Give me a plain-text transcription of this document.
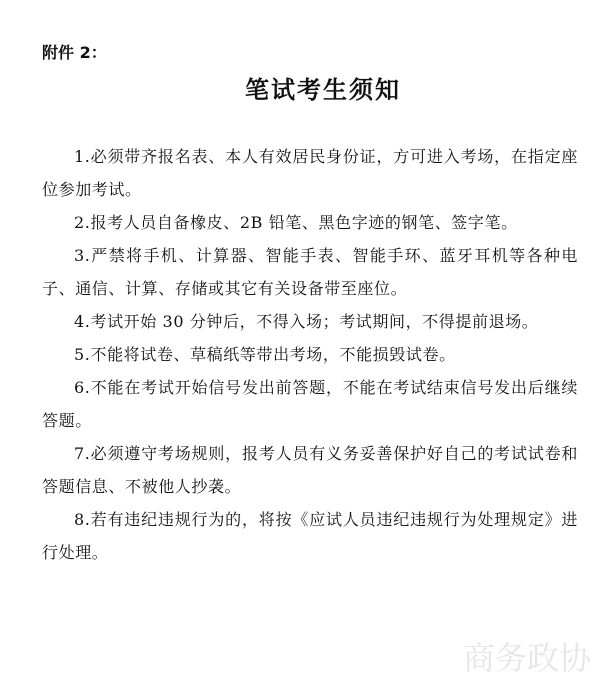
附件 2：
笔试考生须知
1.必须带齐报名表、本人有效居民身份证，方可进入考场，在指定座位参加考试。
2.报考人员自备橡皮、2B 铅笔、黑色字迹的钢笔、签字笔。
3.严禁将手机、计算器、智能手表、智能手环、蓝牙耳机等各种电子、通信、计算、存储或其它有关设备带至座位。
4.考试开始 30 分钟后，不得入场；考试期间，不得提前退场。
5.不能将试卷、草稿纸等带出考场，不能损毁试卷。
6.不能在考试开始信号发出前答题，不能在考试结束信号发出后继续答题。
7.必须遵守考场规则，报考人员有义务妥善保护好自己的考试试卷和答题信息、不被他人抄袭。
8.若有违纪违规行为的，将按《应试人员违纪违规行为处理规定》进行处理。
商务政协
